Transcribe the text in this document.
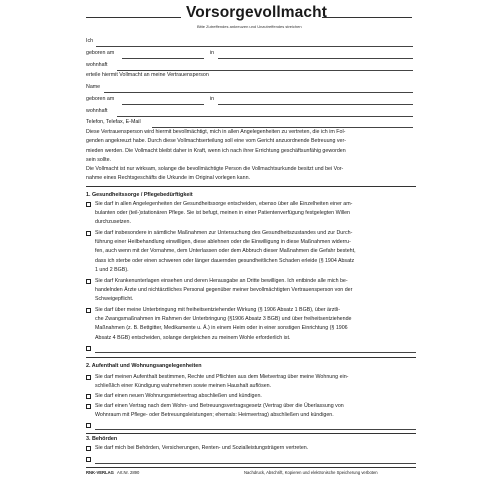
Vorsorgevollmacht
Bitte Zutreffendes ankreuzen und Unzutreffendes streichen
Ich
geboren am	in
wohnhaft
erteile hiermit Vollmacht an meine Vertrauensperson
Name
geboren am	in
wohnhaft
Telefon, Telefax, E-Mail
Diese Vertrauensperson wird hiermit bevollmächtigt, mich in allen Angelegenheiten zu vertreten, die ich im Fol-
genden angekreuzt habe. Durch diese Vollmachtserteilung soll eine vom Gericht anzuordnende Betreuung ver-
mieden werden. Die Vollmacht bleibt daher in Kraft, wenn ich nach ihrer Errichtung geschäftsunfähig geworden
sein sollte.
Die Vollmacht ist nur wirksam, solange die bevollmächtigte Person die Vollmachtsurkunde besitzt und bei Vor-
nahme eines Rechtsgeschäfts die Urkunde im Original vorlegen kann.
1. Gesundheitssorge / Pflegebedürftigkeit
Sie darf in allen Angelegenheiten der Gesundheitssorge entscheiden, ebenso über alle Einzelheiten einer am-
bulanten oder (teil-)stationären Pflege. Sie ist befugt, meinen in einer Patientenverfügung festgelegten Willen
durchzusetzen.
Sie darf insbesondere in sämtliche Maßnahmen zur Untersuchung des Gesundheitszustandes und zur Durch-
führung einer Heilbehandlung einwilligen, diese ablehnen oder die Einwilligung in diese Maßnahmen widerru-
fen, auch wenn mit der Vornahme, dem Unterlassen oder dem Abbruch dieser Maßnahmen die Gefahr besteht,
dass ich sterbe oder einen schweren oder länger dauernden gesundheitlichen Schaden erleide (§ 1904 Absatz
1 und 2 BGB).
Sie darf Krankenunterlagen einsehen und deren Herausgabe an Dritte bewilligen. Ich entbinde alle mich be-
handelnden Ärzte und nichtärztliches Personal gegenüber meiner bevollmächtigten Vertrauensperson von der
Schweigepflicht.
Sie darf über meine Unterbringung mit freiheitsentziehender Wirkung (§ 1906 Absatz 1 BGB), über ärztli-
che Zwangsmaßnahmen im Rahmen der Unterbringung (§1906 Absatz 3 BGB) und über freiheitsentziehende
Maßnahmen (z. B. Bettgitter, Medikamente u. Ä.) in einem Heim oder in einer sonstigen Einrichtung (§ 1906
Absatz 4 BGB) entscheiden, solange dergleichen zu meinem Wohle erforderlich ist.
2. Aufenthalt und Wohnungsangelegenheiten
Sie darf meinen Aufenthalt bestimmen, Rechte und Pflichten aus dem Mietvertrag über meine Wohnung ein-
schließlich einer Kündigung wahrnehmen sowie meinen Haushalt auflösen.
Sie darf einen neuen Wohnungsmietvertrag abschließen und kündigen.
Sie darf einen Vertrag nach dem Wohn- und Betreuungsvertragsgesetz (Vertrag über die Überlassung von
Wohnraum mit Pflege- oder Betreuungsleistungen; ehemals: Heimvertrag) abschließen und kündigen.
3. Behörden
Sie darf mich bei Behörden, Versicherungen, Renten- und Sozialleistungsträgern vertreten.
RNK-VERLAG Art.Nr. 2890	Nachdruck, Abschrift, Kopieren und elektronische Speicherung verboten
